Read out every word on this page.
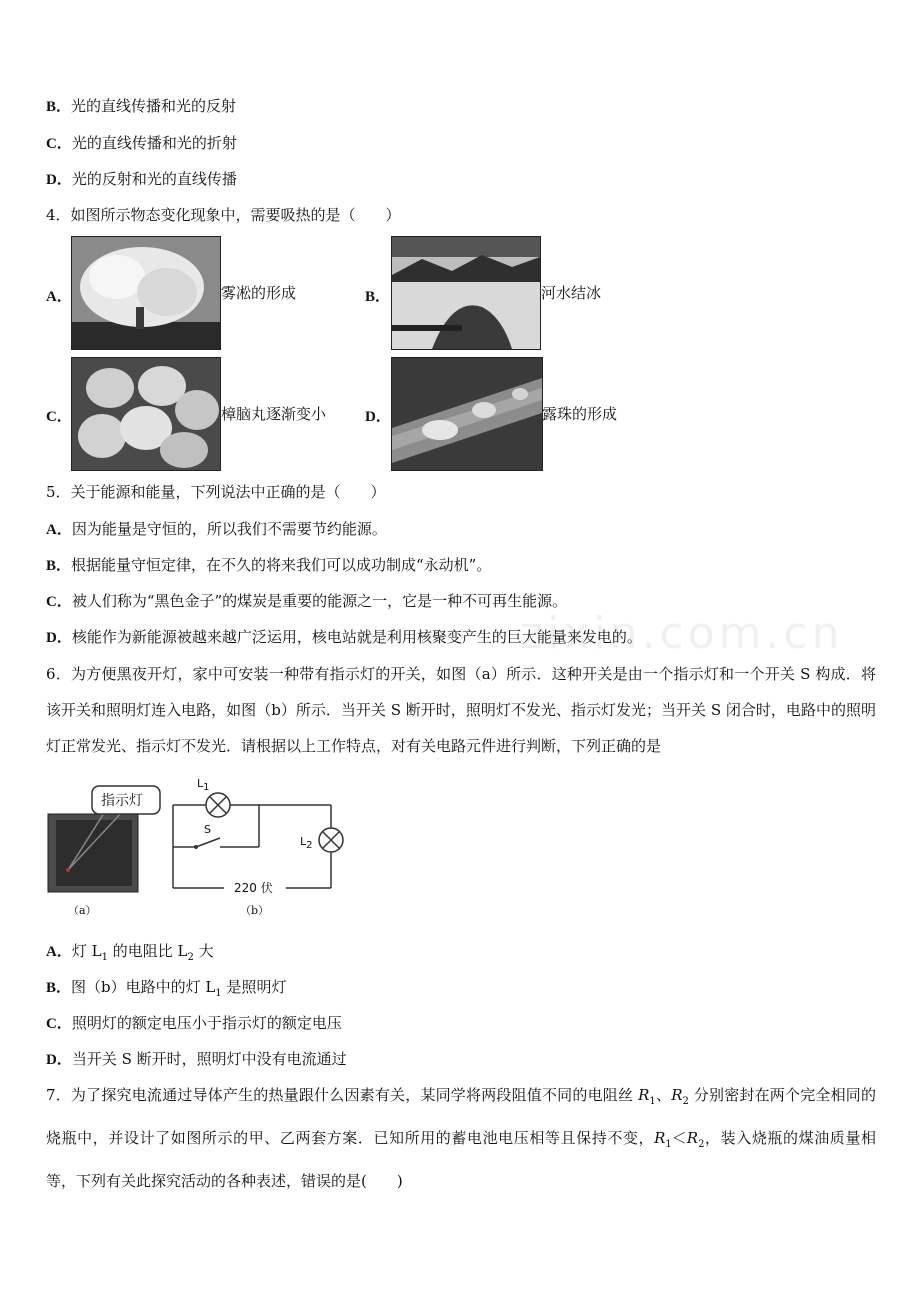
B．光的直线传播和光的反射
C．光的直线传播和光的折射
D．光的反射和光的直线传播
4．如图所示物态变化现象中，需要吸热的是（　　）
A．	雾凇的形成	B．	河水结冰
C．	樟脑丸逐渐变小	D．	露珠的形成
5．关于能源和能量，下列说法中正确的是（　　）
A．因为能量是守恒的，所以我们不需要节约能源。
B．根据能量守恒定律，在不久的将来我们可以成功制成“永动机”。
C．被人们称为“黑色金子”的煤炭是重要的能源之一，它是一种不可再生能源。
D．核能作为新能源被越来越广泛运用，核电站就是利用核聚变产生的巨大能量来发电的。
zixin.com.cn
6．为方便黑夜开灯，家中可安装一种带有指示灯的开关，如图（a）所示．这种开关是由一个指示灯和一个开关 S 构成．将该开关和照明灯连入电路，如图（b）所示．当开关 S 断开时，照明灯不发光、指示灯发光；当开关 S 闭合时，电路中的照明灯正常发光、指示灯不发光．请根据以上工作特点，对有关电路元件进行判断，下列正确的是
指示灯
（a）
$L_1$
S
$L_2$
220 伏
（b）
A．灯 $L_1$ 的电阻比 $L_2$ 大
B．图（b）电路中的灯 $L_1$ 是照明灯
C．照明灯的额定电压小于指示灯的额定电压
D．当开关 S 断开时，照明灯中没有电流通过
7．为了探究电流通过导体产生的热量跟什么因素有关，某同学将两段阻值不同的电阻丝 $R_1$、$R_2$ 分别密封在两个完全相同的烧瓶中，并设计了如图所示的甲、乙两套方案．已知所用的蓄电池电压相等且保持不变，$R_1<R_2$，装入烧瓶的煤油质量相等，下列有关此探究活动的各种表述，错误的是(　　)
